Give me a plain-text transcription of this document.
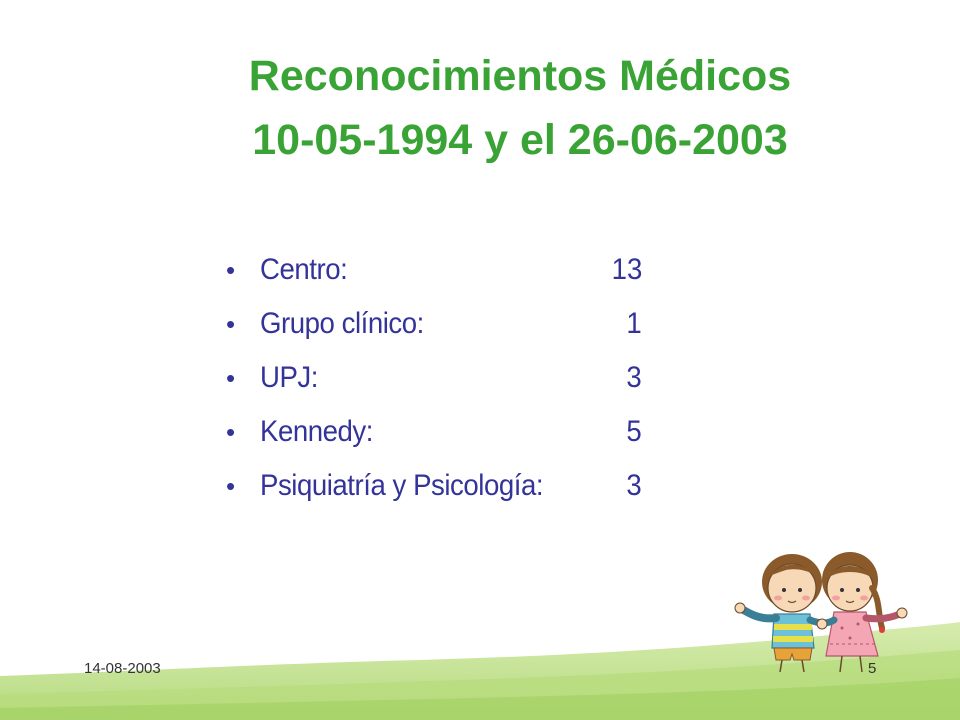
Reconocimientos Médicos
10-05-1994 y el 26-06-2003
• Centro:	13
• Grupo clínico:	1
• UPJ:	3
• Kennedy:	5
• Psiquiatría y Psicología:	3
14-08-2003	5
